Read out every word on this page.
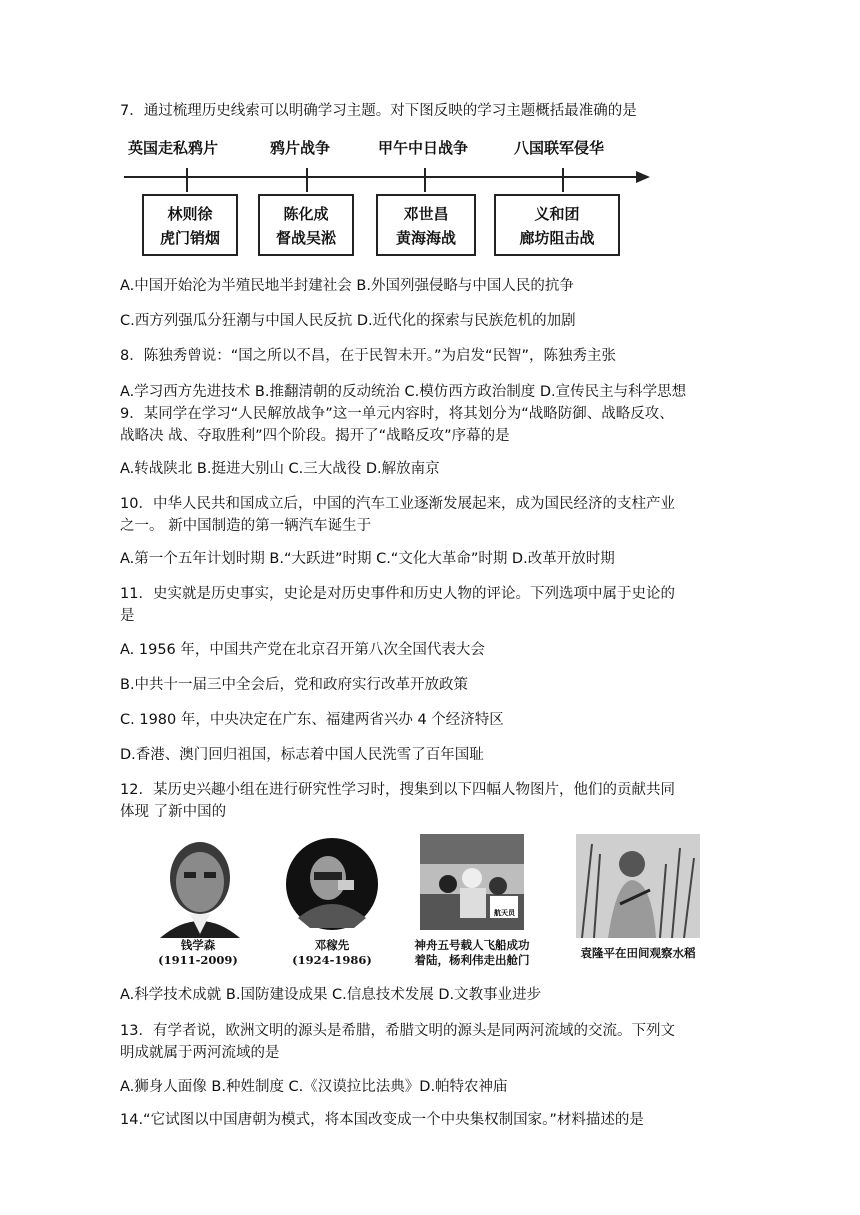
7．通过梳理历史线索可以明确学习主题。对下图反映的学习主题概括最准确的是
英国走私鸦片	鸦片战争	甲午中日战争	八国联军侵华
林则徐
虎门销烟
陈化成
督战吴淞
邓世昌
黄海海战
义和团
廊坊阻击战
A.中国开始沦为半殖民地半封建社会 B.外国列强侵略与中国人民的抗争
C.西方列强瓜分狂潮与中国人民反抗 D.近代化的探索与民族危机的加剧
8．陈独秀曾说：“国之所以不昌，在于民智未开。”为启发“民智”，陈独秀主张
A.学习西方先进技术 B.推翻清朝的反动统治 C.模仿西方政治制度 D.宣传民主与科学思想
9．某同学在学习“人民解放战争”这一单元内容时，将其划分为“战略防御、战略反攻、
战略决 战、夺取胜利”四个阶段。揭开了“战略反攻”序幕的是
A.转战陕北 B.挺进大别山 C.三大战役 D.解放南京
10．中华人民共和国成立后，中国的汽车工业逐渐发展起来，成为国民经济的支柱产业
之一。 新中国制造的第一辆汽车诞生于
A.第一个五年计划时期 B.“大跃进”时期 C.“文化大革命”时期 D.改革开放时期
11．史实就是历史事实，史论是对历史事件和历史人物的评论。下列选项中属于史论的
是
A. 1956 年，中国共产党在北京召开第八次全国代表大会
B.中共十一届三中全会后，党和政府实行改革开放政策
C. 1980 年，中央决定在广东、福建两省兴办 4 个经济特区
D.香港、澳门回归祖国，标志着中国人民洗雪了百年国耻
12．某历史兴趣小组在进行研究性学习时，搜集到以下四幅人物图片，他们的贡献共同
体现 了新中国的
钱学森
(1911-2009)
邓稼先
(1924-1986)
航天员
神舟五号载人飞船成功
着陆，杨利伟走出舱门	袁隆平在田间观察水稻
A.科学技术成就 B.国防建设成果 C.信息技术发展 D.文教事业进步
13．有学者说，欧洲文明的源头是希腊，希腊文明的源头是同两河流域的交流。下列文
明成就属于两河流域的是
A.狮身人面像 B.种姓制度 C.《汉谟拉比法典》D.帕特农神庙
14.“它试图以中国唐朝为模式，将本国改变成一个中央集权制国家。”材料描述的是
